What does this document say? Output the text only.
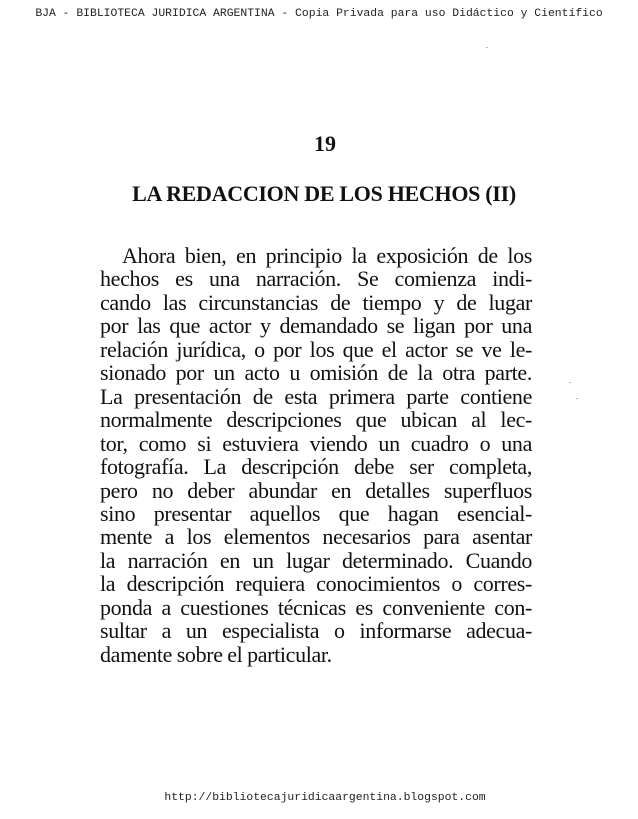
BJA - BIBLIOTECA JURIDICA ARGENTINA - Copia Privada para uso Didáctico y Científico
19
LA REDACCION DE LOS HECHOS (II)
Ahora bien, en principio la exposición de los
hechos es una narración. Se comienza indi-
cando las circunstancias de tiempo y de lugar
por las que actor y demandado se ligan por una
relación jurídica, o por los que el actor se ve le-
sionado por un acto u omisión de la otra parte.
La presentación de esta primera parte contiene
normalmente descripciones que ubican al lec-
tor, como si estuviera viendo un cuadro o una
fotografía. La descripción debe ser completa,
pero no deber abundar en detalles superfluos
sino presentar aquellos que hagan esencial-
mente a los elementos necesarios para asentar
la narración en un lugar determinado. Cuando
la descripción requiera conocimientos o corres-
ponda a cuestiones técnicas es conveniente con-
sultar a un especialista o informarse adecua-
damente sobre el particular.
http://bibliotecajuridicaargentina.blogspot.com
